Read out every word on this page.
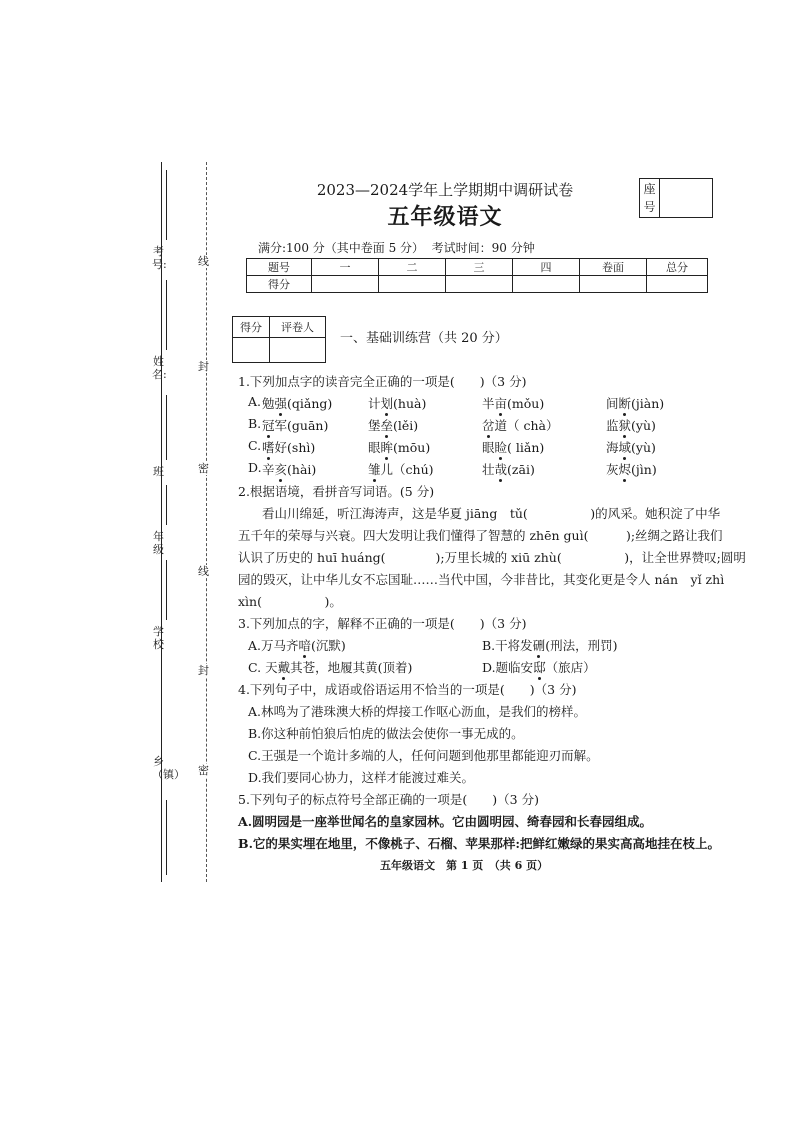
考号:
姓名:
班
年级
学校
乡（镇）
线
封
密
线
封
密
2023—2024学年上学期期中调研试卷
五年级语文
座
号
满分:100 分（其中卷面 5 分）  考试时间：90 分钟
题号	一	二	三	四	卷面	总分
得分						
得分	评卷人

一、基础训练营（共 20 分）
1.下列加点字的读音完全正确的一项是(　　)（3 分)
A. 勉强(qiǎng)	计划(huà)	半亩(mǒu)	间断(jiàn)
B. 冠军(guān)	堡垒(lěi)	岔道（ chà）	监狱(yù)
C. 嗜好(shì)	眼眸(mōu)	眼睑( liǎn)	海域(yù)
D. 辛亥(hài)	雏儿（chú)	壮哉(zāi)	灰烬(jìn)
2.根据语境，看拼音写词语。(5 分)
看山川绵延，听江海涛声，这是华夏 jiāng　tǔ(　　　　　)的风采。她积淀了中华
五千年的荣辱与兴衰。四大发明让我们懂得了智慧的 zhēn guì(　　　);丝绸之路让我们
认识了历史的 huī huáng(　　　　);万里长城的 xiū zhù(　　　　　)，让全世界赞叹;圆明
园的毁灭，让中华儿女不忘国耻……当代中国，今非昔比，其变化更是令人 nán　yǐ zhì
xìn(　　　　　)。
3.下列加点的字，解释不正确的一项是(　　)（3 分)
A.万马齐喑(沉默)	B.干将发硎(刑法，刑罚)
C. 天戴其苍，地履其黄(顶着)	D.题临安邸（旅店）
4.下列句子中，成语或俗语运用不恰当的一项是(　　)（3 分)
A.林鸣为了港珠澳大桥的焊接工作呕心沥血，是我们的榜样。
B.你这种前怕狼后怕虎的做法会使你一事无成的。
C.王强是一个诡计多端的人，任何问题到他那里都能迎刃而解。
D.我们要同心协力，这样才能渡过难关。
5.下列句子的标点符号全部正确的一项是(　　)（3 分)
A.圆明园是一座举世闻名的皇家园林。它由圆明园、绮春园和长春园组成。
B.它的果实埋在地里，不像桃子、石榴、苹果那样:把鲜红嫩绿的果实高高地挂在枝上。
五年级语文　第 1 页　（共 6 页）
